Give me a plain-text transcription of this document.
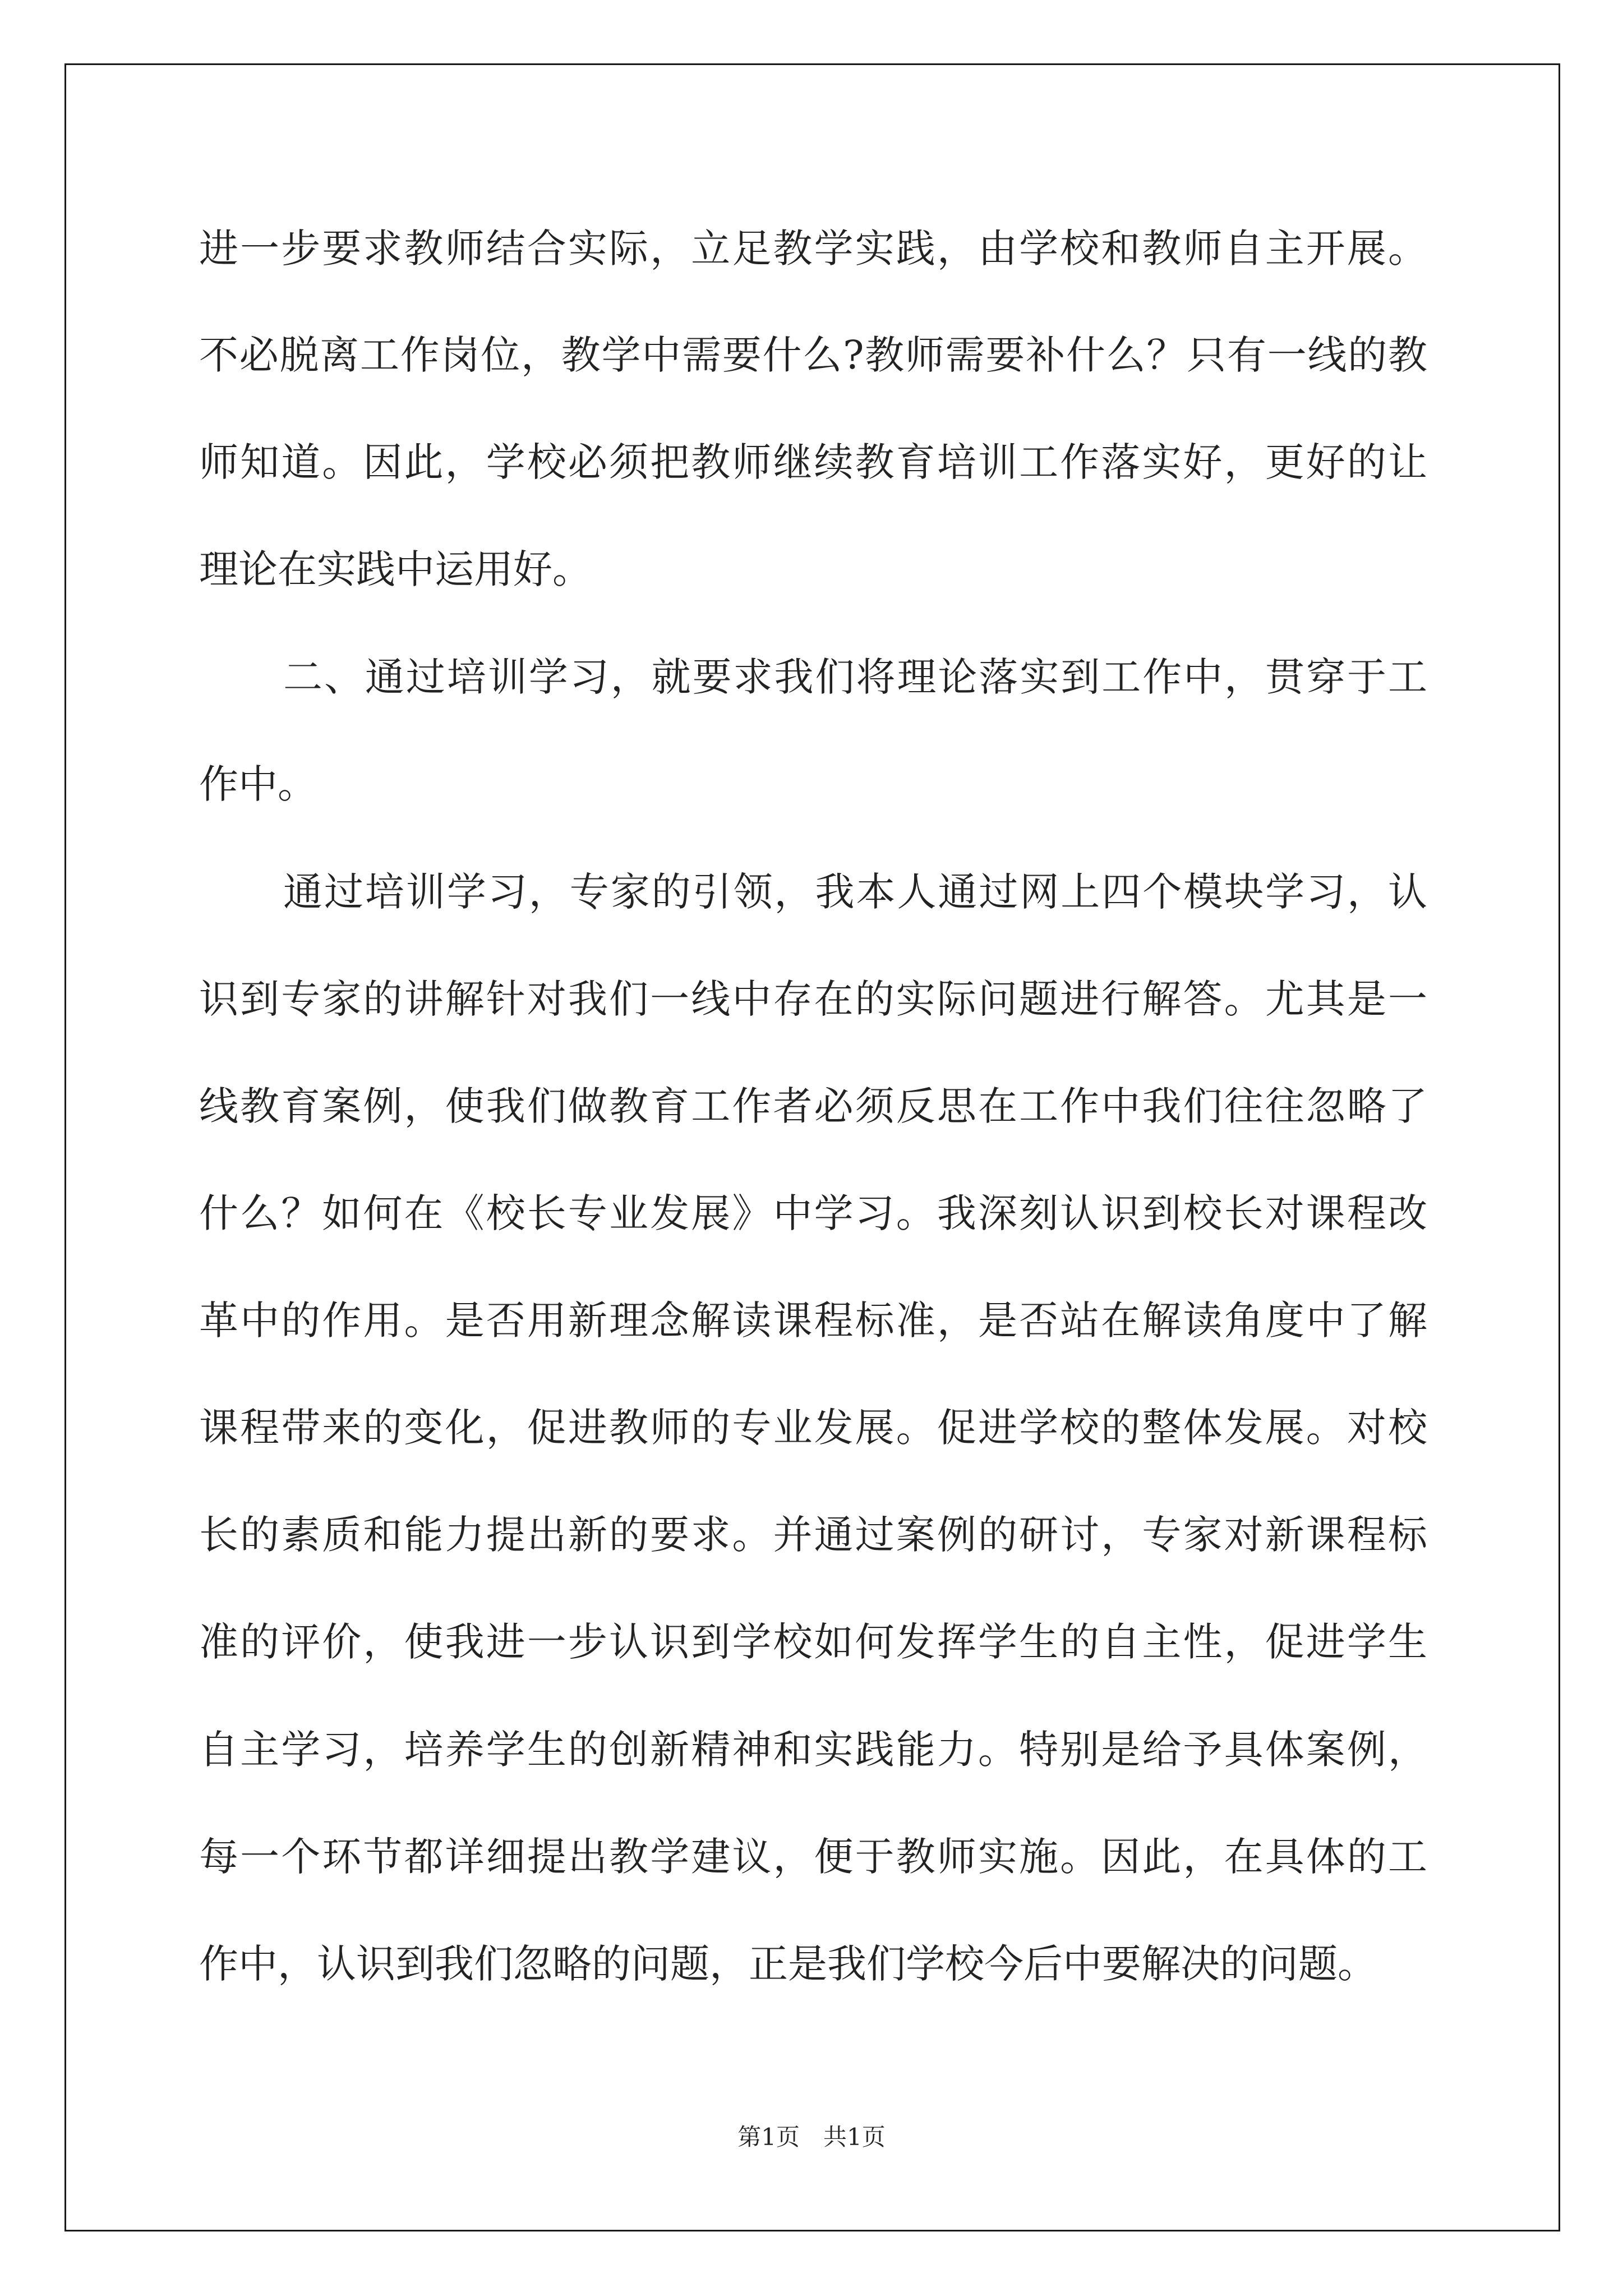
进一步要求教师结合实际，立足教学实践，由学校和教师自主开展。
不必脱离工作岗位，教学中需要什么?教师需要补什么？只有一线的教
师知道。因此，学校必须把教师继续教育培训工作落实好，更好的让
理论在实践中运用好。
二、通过培训学习，就要求我们将理论落实到工作中，贯穿于工
作中。
通过培训学习，专家的引领，我本人通过网上四个模块学习，认
识到专家的讲解针对我们一线中存在的实际问题进行解答。尤其是一
线教育案例，使我们做教育工作者必须反思在工作中我们往往忽略了
什么？如何在《校长专业发展》中学习。我深刻认识到校长对课程改
革中的作用。是否用新理念解读课程标准，是否站在解读角度中了解
课程带来的变化，促进教师的专业发展。促进学校的整体发展。对校
长的素质和能力提出新的要求。并通过案例的研讨，专家对新课程标
准的评价，使我进一步认识到学校如何发挥学生的自主性，促进学生
自主学习，培养学生的创新精神和实践能力。特别是给予具体案例，
每一个环节都详细提出教学建议，便于教师实施。因此，在具体的工
作中，认识到我们忽略的问题，正是我们学校今后中要解决的问题。
第1页　共1页
